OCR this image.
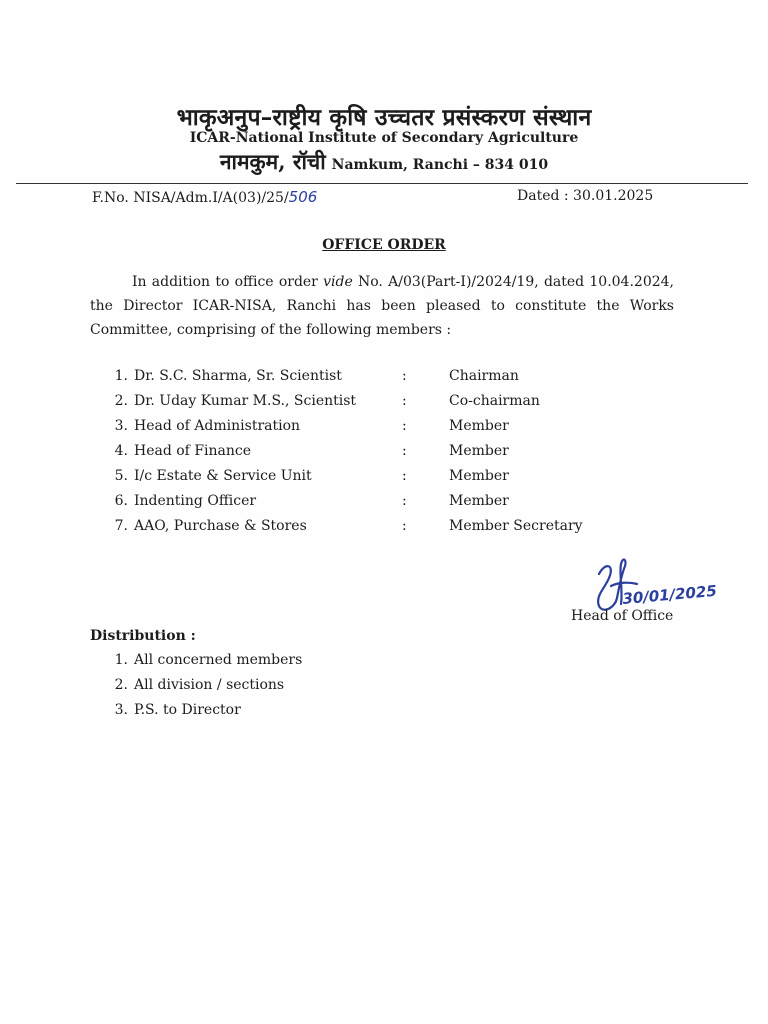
भाकृअनुप–राष्ट्रीय कृषि उच्चतर प्रसंस्करण संस्थान
ICAR-National Institute of Secondary Agriculture
नामकुम, रॉची Namkum, Ranchi – 834 010
F.No. NISA/Adm.I/A(03)/25/506	Dated : 30.01.2025
OFFICE ORDER
In addition to office order vide No. A/03(Part-I)/2024/19, dated 10.04.2024, the Director ICAR-NISA, Ranchi has been pleased to constitute the Works Committee, comprising of the following members :
1. Dr. S.C. Sharma, Sr. Scientist	:	Chairman
2. Dr. Uday Kumar M.S., Scientist	:	Co-chairman
3. Head of Administration	:	Member
4. Head of Finance	:	Member
5. I/c Estate & Service Unit	:	Member
6. Indenting Officer	:	Member
7. AAO, Purchase & Stores	:	Member Secretary
30/01/2025
Head of Office
Distribution :
1. All concerned members
2. All division / sections
3. P.S. to Director
